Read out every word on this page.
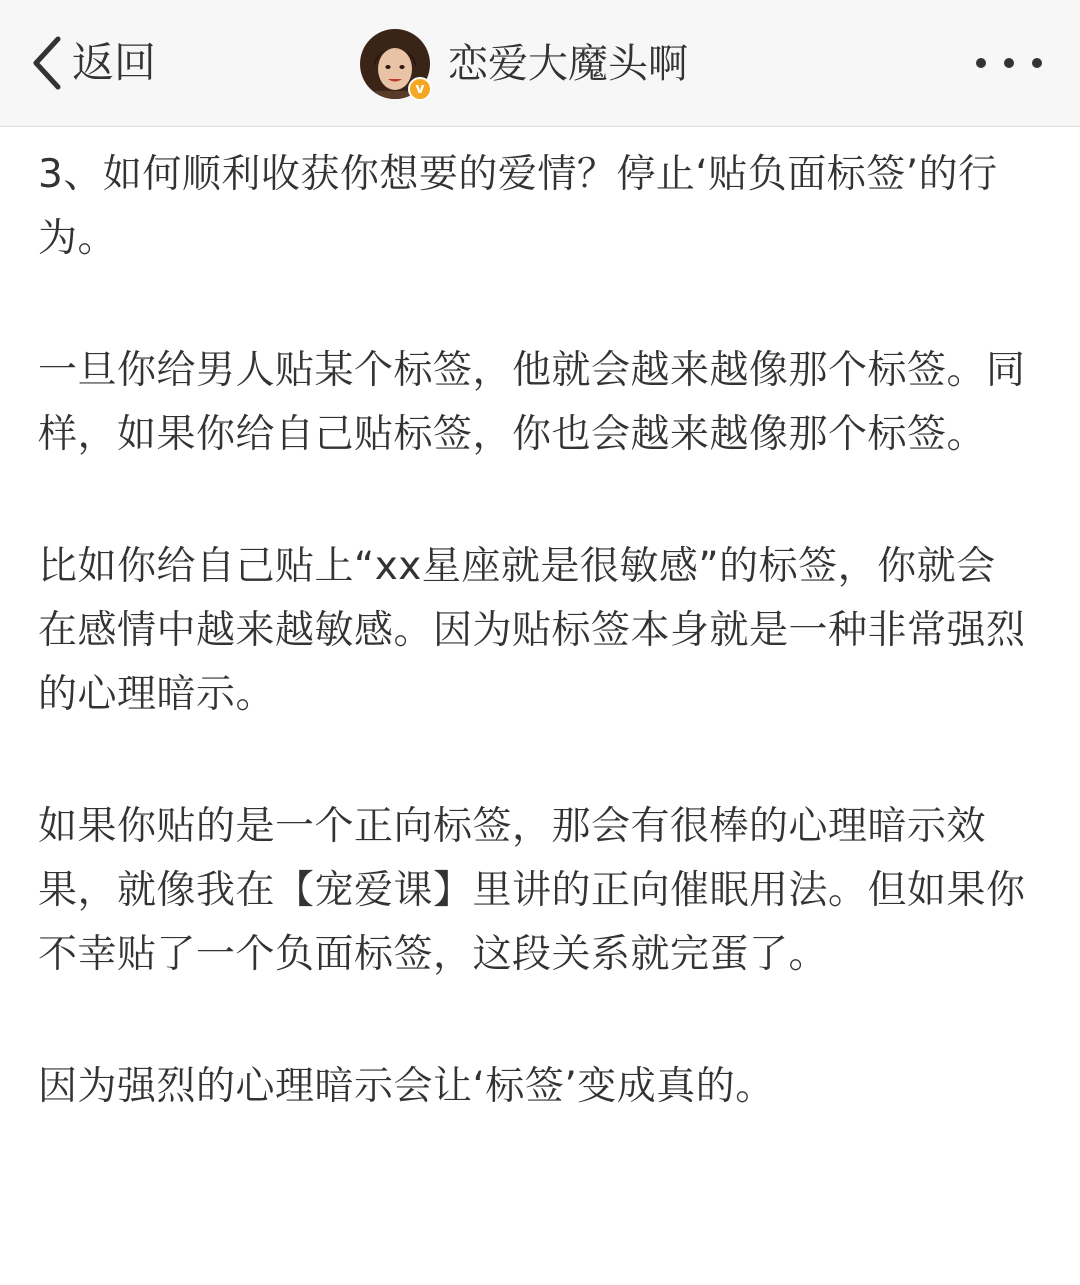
返回
v
恋爱大魔头啊

3、如何顺利收获你想要的爱情？停止‘贴负面标签’的行为。

一旦你给男人贴某个标签，他就会越来越像那个标签。同样，如果你给自己贴标签，你也会越来越像那个标签。

比如你给自己贴上“xx星座就是很敏感”的标签，你就会在感情中越来越敏感。因为贴标签本身就是一种非常强烈的心理暗示。

如果你贴的是一个正向标签，那会有很棒的心理暗示效果，就像我在【宠爱课】里讲的正向催眠用法。但如果你不幸贴了一个负面标签，这段关系就完蛋了。

因为强烈的心理暗示会让‘标签’变成真的。
